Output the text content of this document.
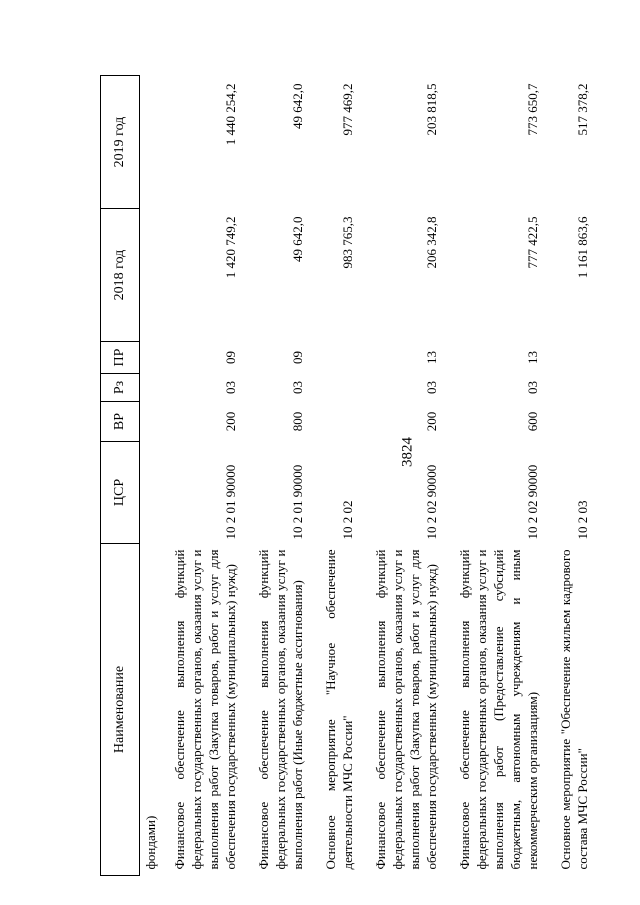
3824
Наименование	ЦСР	ВР	Рз	ПР	2018 год	2019 год
фондами)						
Финансовое обеспечение выполнения функций федеральных государственных органов, оказания услуг и выполнения работ (Закупка товаров, работ и услуг для обеспечения государственных (муниципальных) нужд)	10 2 01 90000	200	03	09	1 420 749,2	1 440 254,2
Финансовое обеспечение выполнения функций федеральных государственных органов, оказания услуг и выполнения работ (Иные бюджетные ассигнования)	10 2 01 90000	800	03	09	49 642,0	49 642,0
Основное мероприятие "Научное обеспечение деятельности МЧС России"	10 2 02				983 765,3	977 469,2
Финансовое обеспечение выполнения функций федеральных государственных органов, оказания услуг и выполнения работ (Закупка товаров, работ и услуг для обеспечения государственных (муниципальных) нужд)	10 2 02 90000	200	03	13	206 342,8	203 818,5
Финансовое обеспечение выполнения функций федеральных государственных органов, оказания услуг и выполнения работ (Предоставление субсидий бюджетным, автономным учреждениям и иным некоммерческим организациям)	10 2 02 90000	600	03	13	777 422,5	773 650,7
Основное мероприятие "Обеспечение жильем кадрового состава МЧС России"	10 2 03				1 161 863,6	517 378,2
